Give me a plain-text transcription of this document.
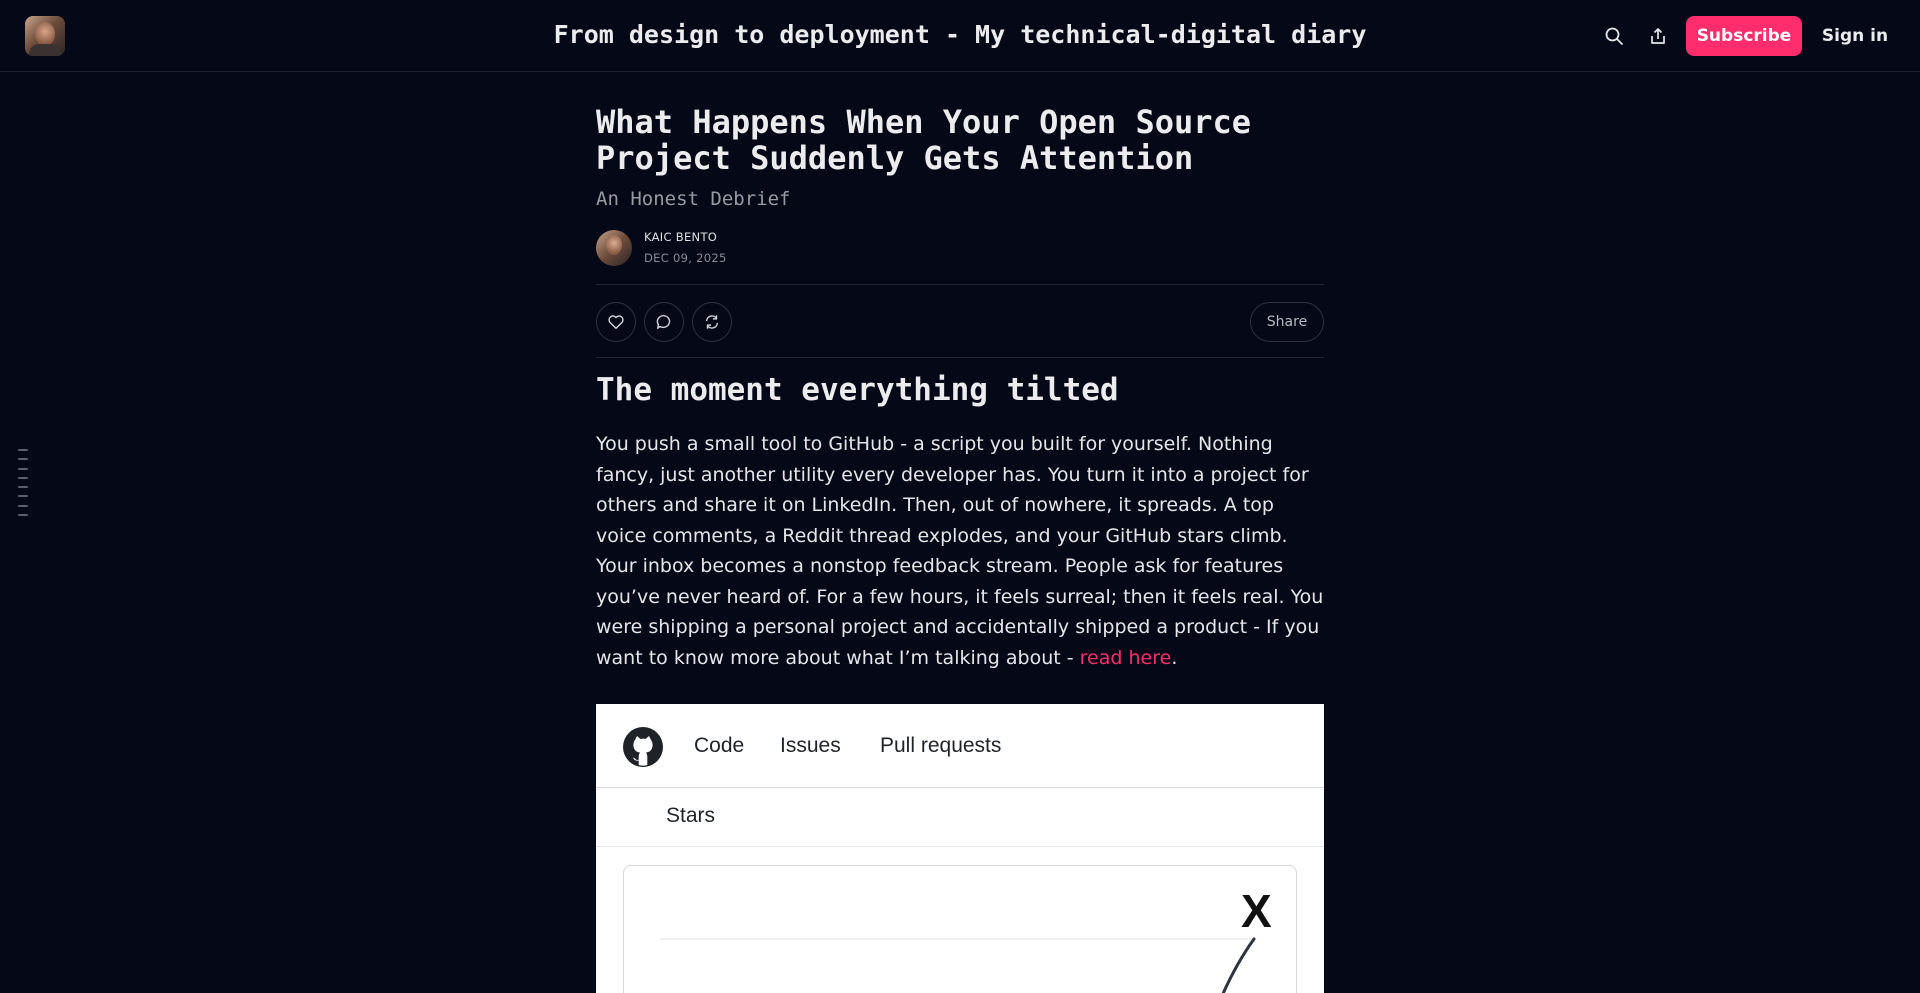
From design to deployment - My technical-digital diary	Subscribe	Sign in
What Happens When Your Open Source Project Suddenly Gets Attention
An Honest Debrief
KAIC BENTO
DEC 09, 2025
Share
The moment everything tilted

You push a small tool to GitHub - a script you built for yourself. Nothing fancy, just another utility every developer has. You turn it into a project for others and share it on LinkedIn. Then, out of nowhere, it spreads. A top voice comments, a Reddit thread explodes, and your GitHub stars climb. Your inbox becomes a nonstop feedback stream. People ask for features you’ve never heard of. For a few hours, it feels surreal; then it feels real. You were shipping a personal project and accidentally shipped a product - If you want to know more about what I’m talking about - read here.

Code Issues Pull requests
Stars
X
